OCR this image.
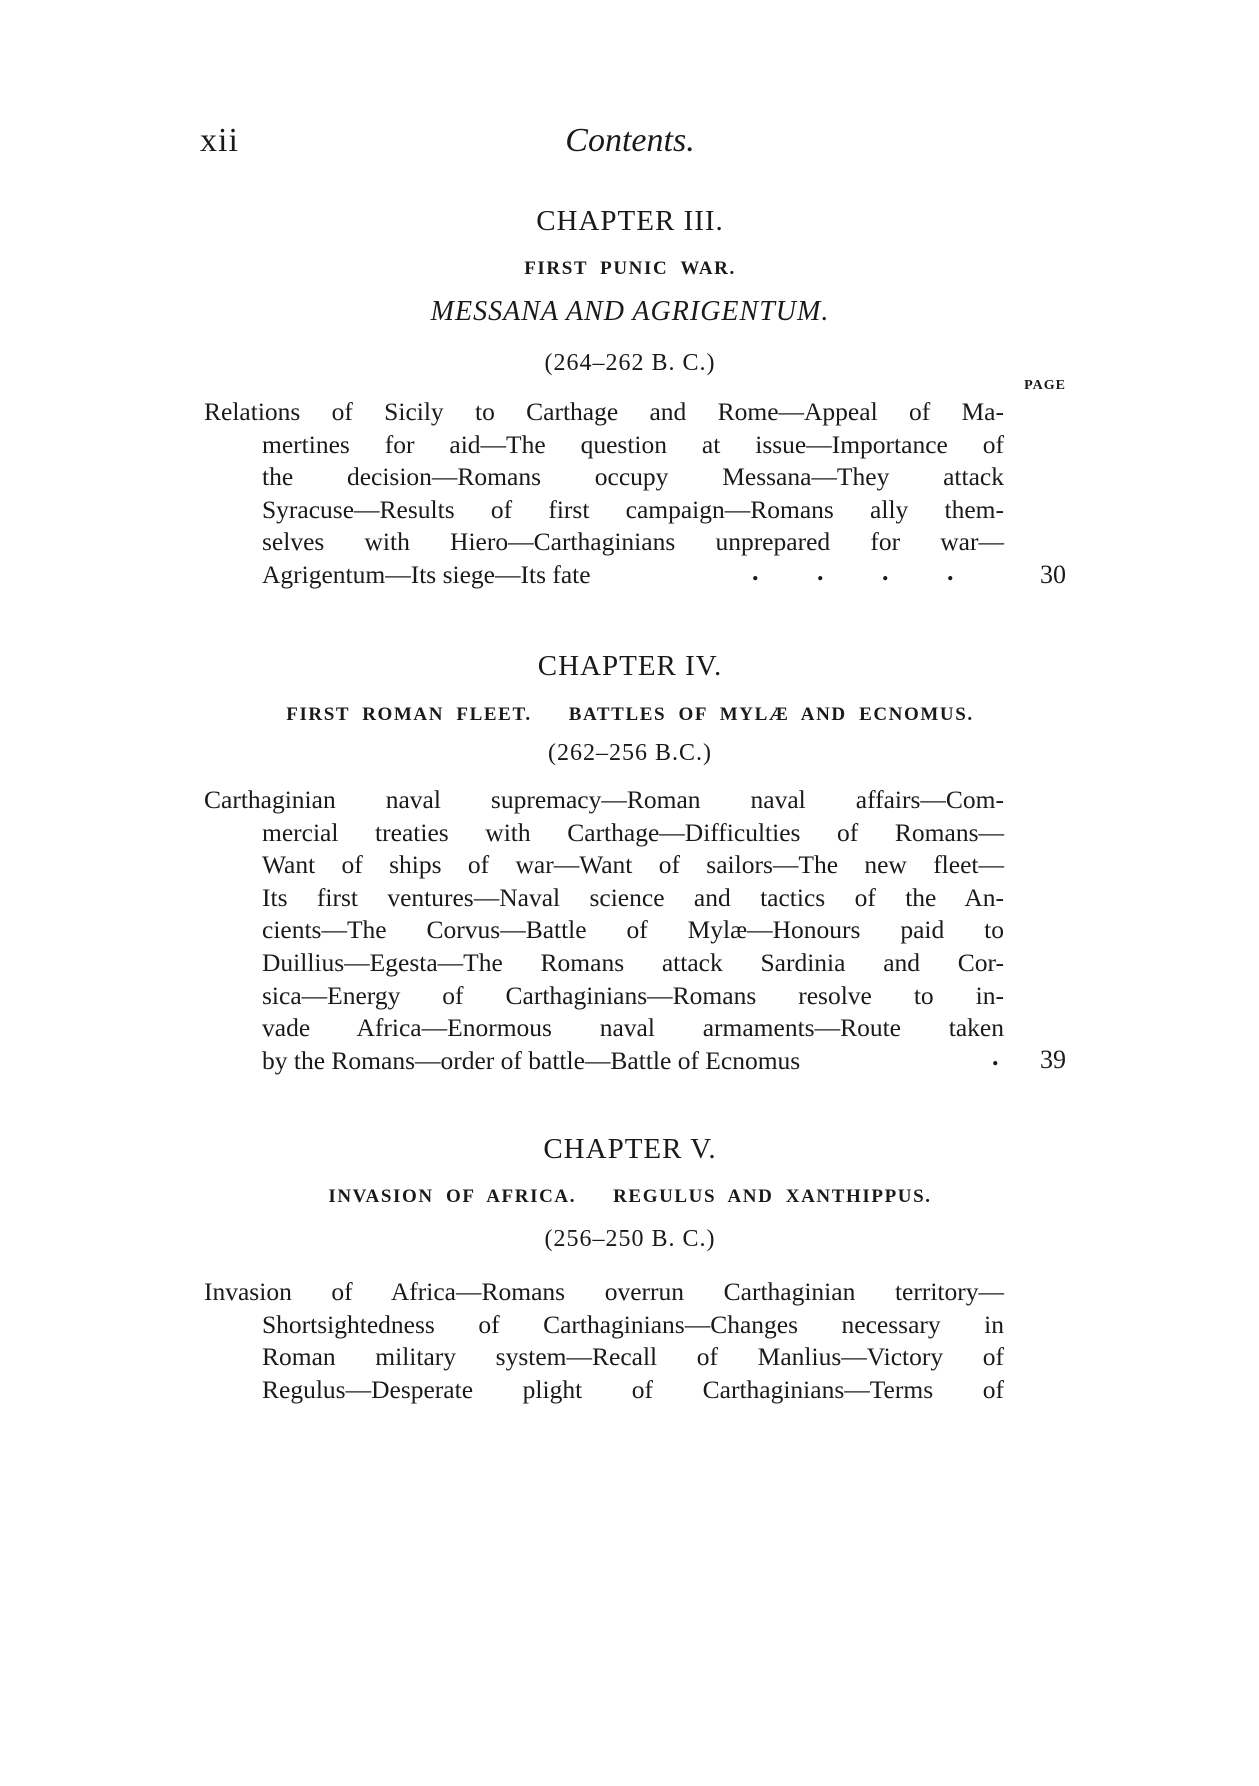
xii	Contents.
CHAPTER III.
FIRST PUNIC WAR.
MESSANA AND AGRIGENTUM.
(264–262 B. C.)
PAGE
Relations of Sicily to Carthage and Rome—Appeal of Ma-
mertines for aid—The question at issue—Importance of
the decision—Romans occupy Messana—They attack
Syracuse—Results of first campaign—Romans ally them-
selves with Hiero—Carthaginians unprepared for war—
Agrigentum—Its siege—Its fate	. . . .	30
CHAPTER IV.
FIRST ROMAN FLEET.   BATTLES OF MYLÆ AND ECNOMUS.
(262–256 B.C.)
Carthaginian naval supremacy—Roman naval affairs—Com-
mercial treaties with Carthage—Difficulties of Romans—
Want of ships of war—Want of sailors—The new fleet—
Its first ventures—Naval science and tactics of the An-
cients—The Corvus—Battle of Mylæ—Honours paid to
Duillius—Egesta—The Romans attack Sardinia and Cor-
sica—Energy of Carthaginians—Romans resolve to in-
vade Africa—Enormous naval armaments—Route taken
by the Romans—order of battle—Battle of Ecnomus	. 39
CHAPTER V.
INVASION OF AFRICA.   REGULUS AND XANTHIPPUS.
(256–250 B. C.)
Invasion of Africa—Romans overrun Carthaginian territory—
Shortsightedness of Carthaginians—Changes necessary in
Roman military system—Recall of Manlius—Victory of
Regulus—Desperate plight of Carthaginians—Terms of
